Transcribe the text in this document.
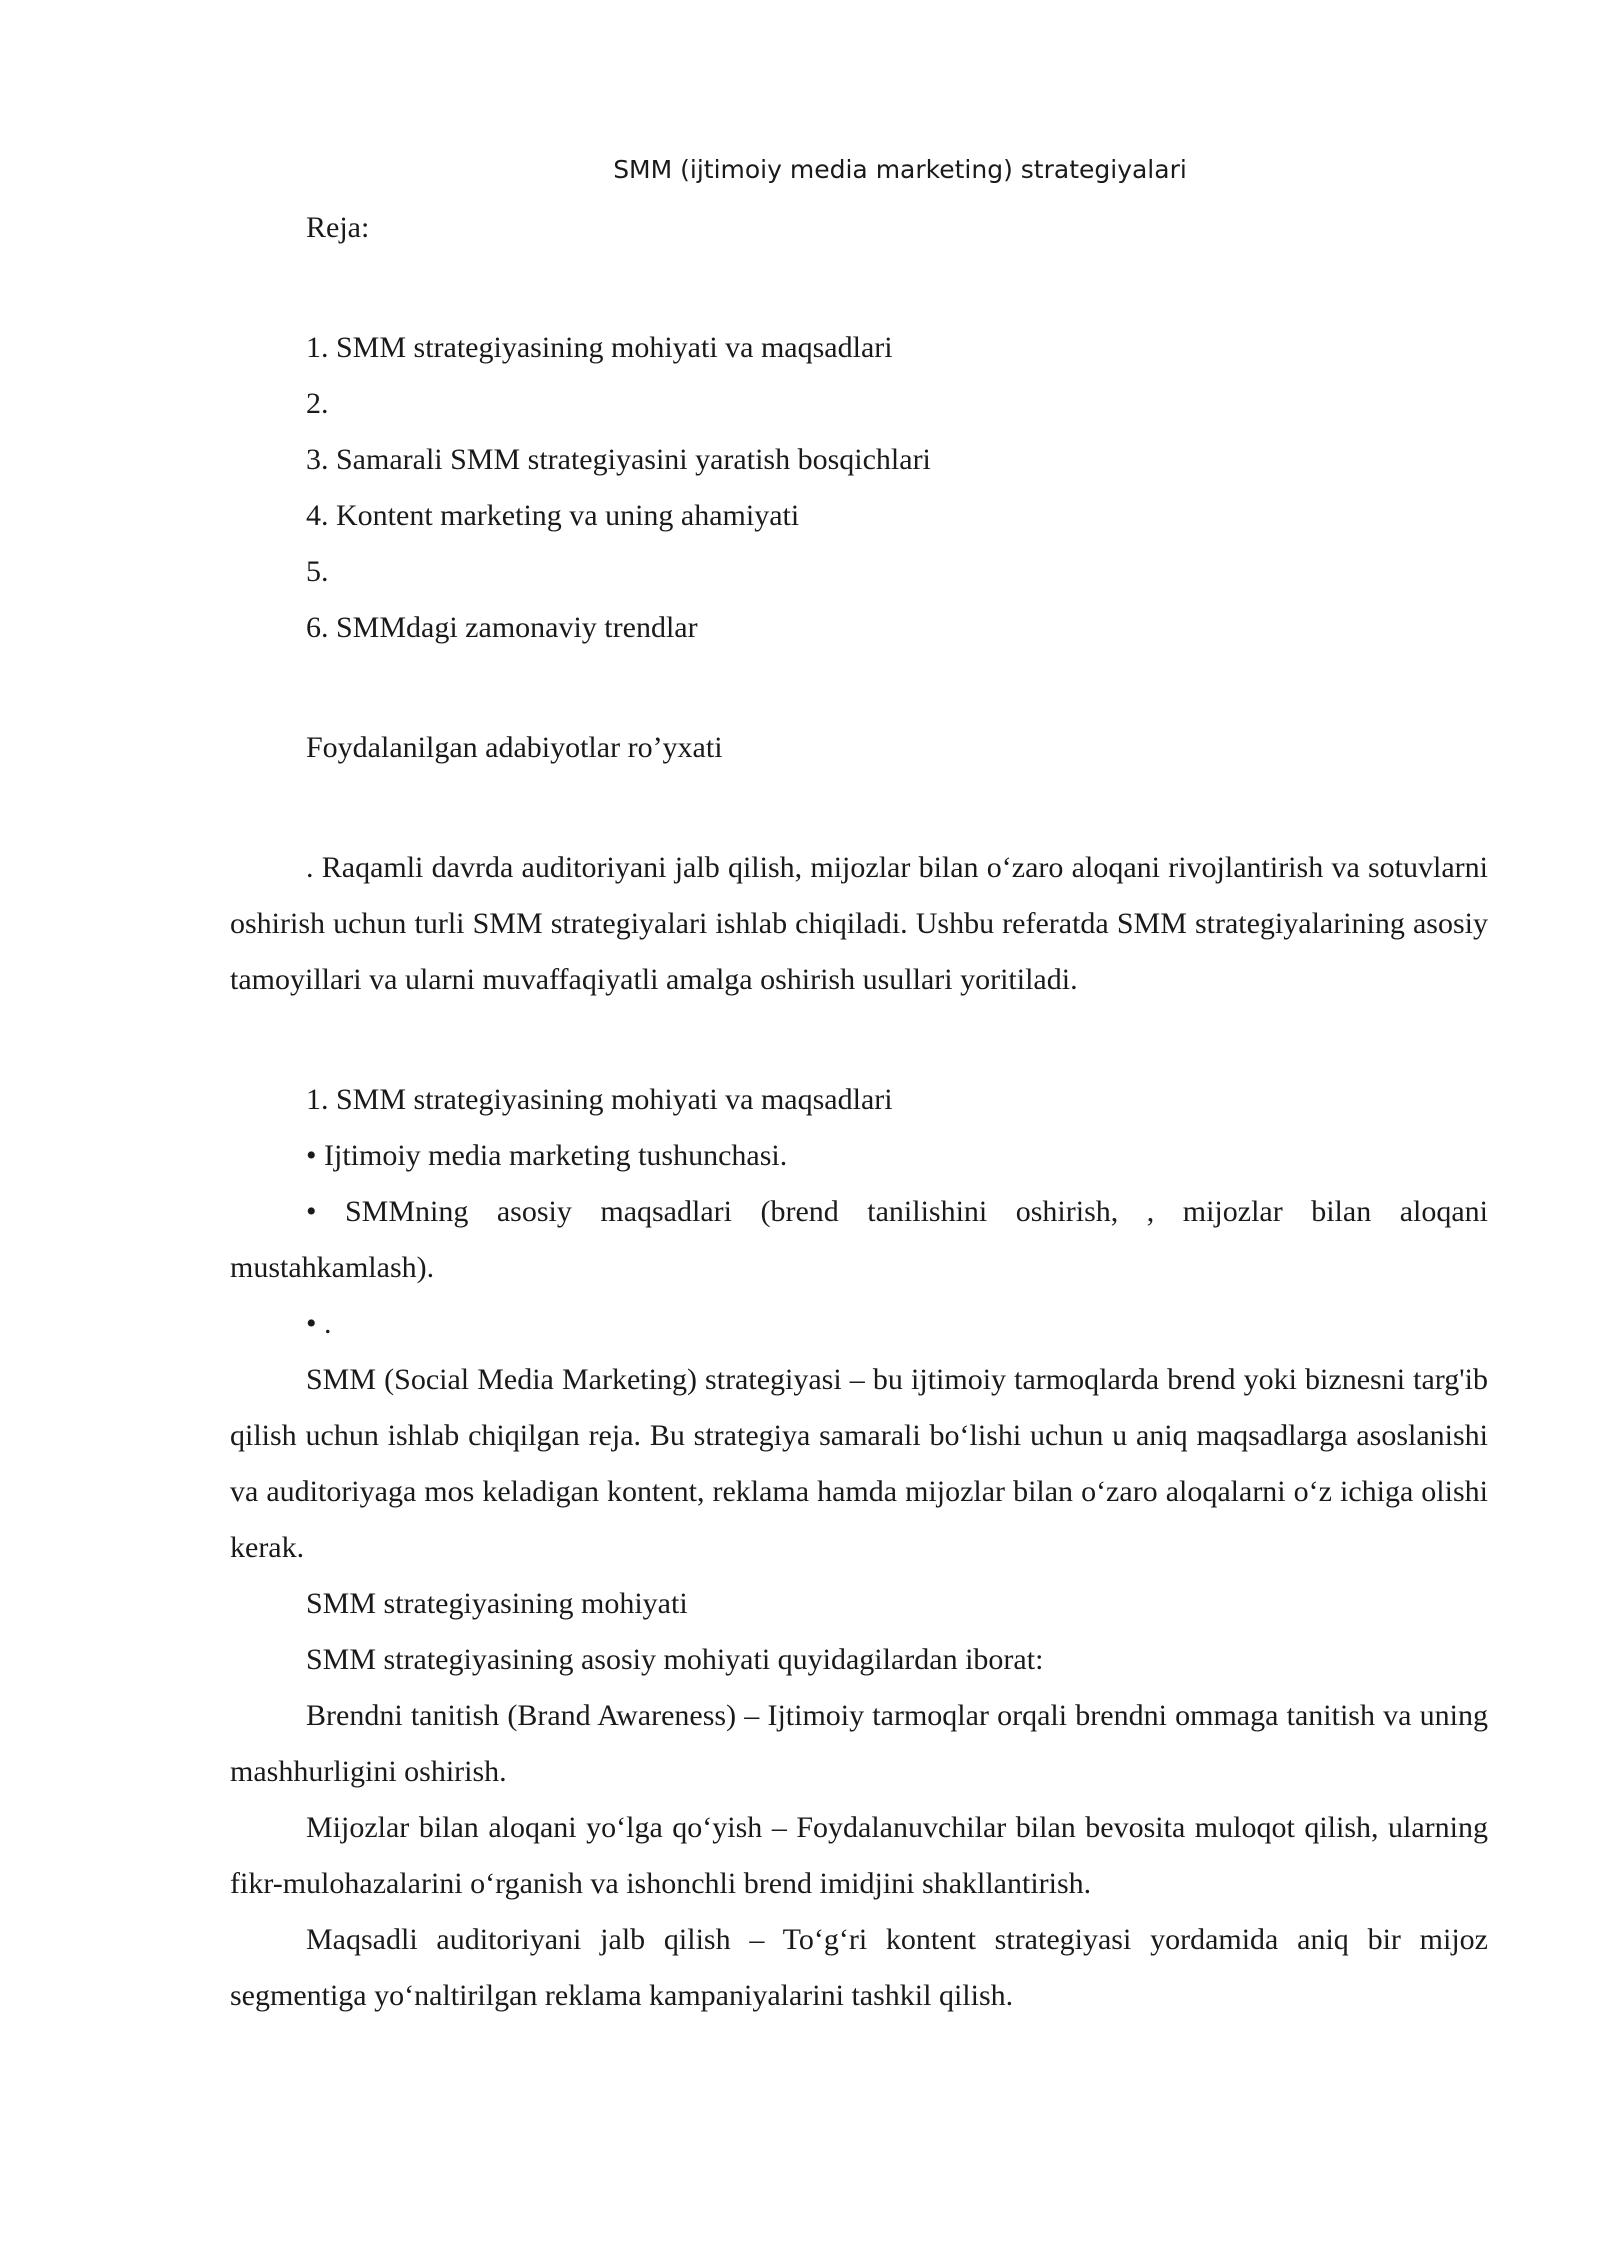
SMM (ijtimoiy media marketing) strategiyalari

Reja:

1. SMM strategiyasining mohiyati va maqsadlari

2.

3. Samarali SMM strategiyasini yaratish bosqichlari

4. Kontent marketing va uning ahamiyati

5.

6. SMMdagi zamonaviy trendlar

Foydalanilgan adabiyotlar ro’yxati

. Raqamli davrda auditoriyani jalb qilish, mijozlar bilan o‘zaro aloqani rivojlantirish va sotuvlarni oshirish uchun turli SMM strategiyalari ishlab chiqiladi. Ushbu referatda SMM strategiyalarining asosiy tamoyillari va ularni muvaffaqiyatli amalga oshirish usullari yoritiladi.

1. SMM strategiyasining mohiyati va maqsadlari

• Ijtimoiy media marketing tushunchasi.

• SMMning asosiy maqsadlari (brend tanilishini oshirish, , mijozlar bilan aloqani mustahkamlash).

• .

SMM (Social Media Marketing) strategiyasi – bu ijtimoiy tarmoqlarda brend yoki biznesni targ'ib qilish uchun ishlab chiqilgan reja. Bu strategiya samarali bo‘lishi uchun u aniq maqsadlarga asoslanishi va auditoriyaga mos keladigan kontent, reklama hamda mijozlar bilan o‘zaro aloqalarni o‘z ichiga olishi kerak.

SMM strategiyasining mohiyati

SMM strategiyasining asosiy mohiyati quyidagilardan iborat:

Brendni tanitish (Brand Awareness) – Ijtimoiy tarmoqlar orqali brendni ommaga tanitish va uning mashhurligini oshirish.

Mijozlar bilan aloqani yo‘lga qo‘yish – Foydalanuvchilar bilan bevosita muloqot qilish, ularning fikr-mulohazalarini o‘rganish va ishonchli brend imidjini shakllantirish.

Maqsadli auditoriyani jalb qilish – To‘g‘ri kontent strategiyasi yordamida aniq bir mijoz segmentiga yo‘naltirilgan reklama kampaniyalarini tashkil qilish.
